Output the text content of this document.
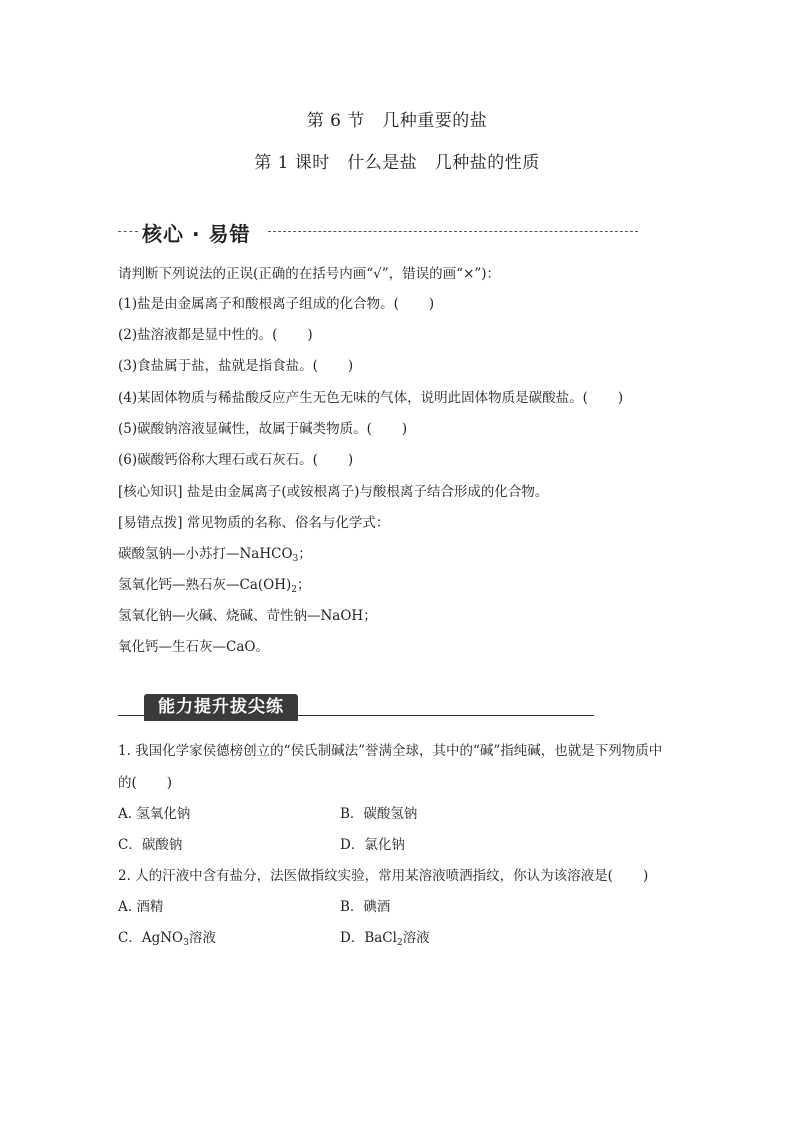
第 6 节　几种重要的盐
第 1 课时　什么是盐　几种盐的性质
核心 · 易错
请判断下列说法的正误(正确的在括号内画“√”，错误的画“×”)：
(1)盐是由金属离子和酸根离子组成的化合物。( )
(2)盐溶液都是显中性的。( )
(3)食盐属于盐，盐就是指食盐。( )
(4)某固体物质与稀盐酸反应产生无色无味的气体，说明此固体物质是碳酸盐。( )
(5)碳酸钠溶液显碱性，故属于碱类物质。( )
(6)碳酸钙俗称大理石或石灰石。( )
[核心知识] 盐是由金属离子(或铵根离子)与酸根离子结合形成的化合物。
[易错点拨] 常见物质的名称、俗名与化学式：
碳酸氢钠—小苏打—NaHCO$_3$；
氢氧化钙—熟石灰$—Ca(OH)_2$；
氢氧化钠—火碱、烧碱、苛性钠—NaOH；
氧化钙—生石灰—CaO。
能力提升拔尖练
1. 我国化学家侯德榜创立的“侯氏制碱法”誉满全球，其中的“碱”指纯碱，也就是下列物质中
的( )
A. 氢氧化钠	B．碳酸氢钠
C．碳酸钠	D．氯化钠
2. 人的汗液中含有盐分，法医做指纹实验，常用某溶液喷洒指纹，你认为该溶液是( )
A. 酒精	B．碘酒
C．AgNO$_3$溶液	D．BaCl$_2$溶液
